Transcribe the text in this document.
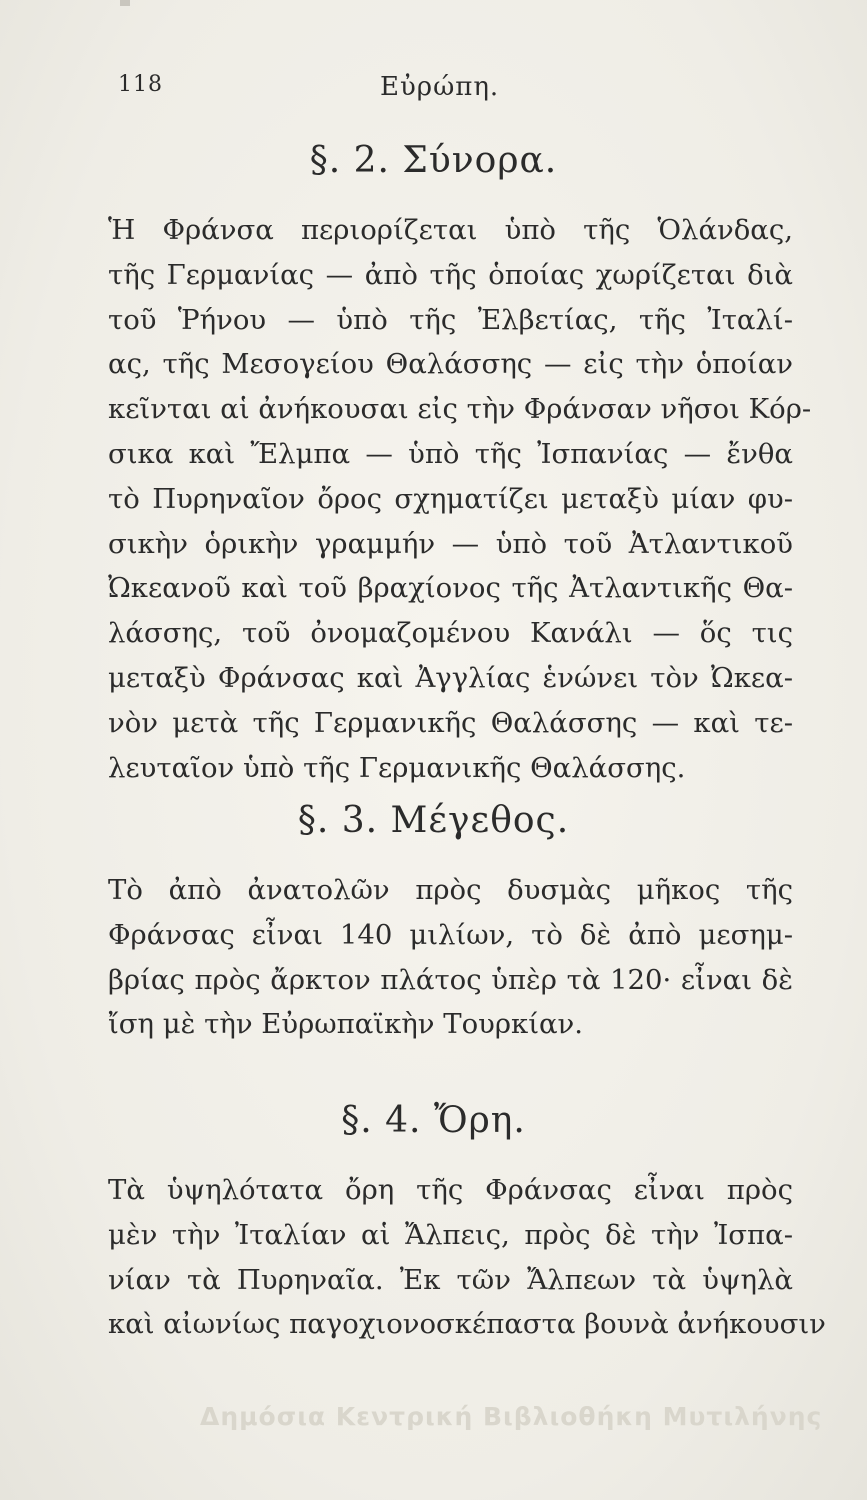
118	Εὐρώπη.
§. 2. Σύνορα.
Ἡ Φράνσα περιορίζεται ὑπὸ τῆς Ὁλάνδας,
τῆς Γερμανίας — ἀπὸ τῆς ὁποίας χωρίζεται διὰ
τοῦ Ῥήνου — ὑπὸ τῆς Ἐλβετίας, τῆς Ἰταλί-
ας, τῆς Μεσογείου Θαλάσσης — εἰς τὴν ὁποίαν
κεῖνται αἱ ἀνήκουσαι εἰς τὴν Φράνσαν νῆσοι Κόρ-
σικα καὶ Ἔλμπα — ὑπὸ τῆς Ἰσπανίας — ἔνθα
τὸ Πυρηναῖον ὄρος σχηματίζει μεταξὺ μίαν φυ-
σικὴν ὁρικὴν γραμμήν — ὑπὸ τοῦ Ἀτλαντικοῦ
Ὠκεανοῦ καὶ τοῦ βραχίονος τῆς Ἀτλαντικῆς Θα-
λάσσης, τοῦ ὀνομαζομένου Κανάλι — ὅς τις
μεταξὺ Φράνσας καὶ Ἀγγλίας ἑνώνει τὸν Ὠκεα-
νὸν μετὰ τῆς Γερμανικῆς Θαλάσσης — καὶ τε-
λευταῖον ὑπὸ τῆς Γερμανικῆς Θαλάσσης.
§. 3. Μέγεθος.
Τὸ ἀπὸ ἀνατολῶν πρὸς δυσμὰς μῆκος τῆς
Φράνσας εἶναι 140 μιλίων, τὸ δὲ ἀπὸ μεσημ-
βρίας πρὸς ἄρκτον πλάτος ὑπὲρ τὰ 120· εἶναι δὲ
ἴση μὲ τὴν Εὐρωπαϊκὴν Τουρκίαν.
§. 4. Ὄρη.
Τὰ ὑψηλότατα ὄρη τῆς Φράνσας εἶναι πρὸς
μὲν τὴν Ἰταλίαν αἱ Ἄλπεις, πρὸς δὲ τὴν Ἰσπα-
νίαν τὰ Πυρηναῖα. Ἐκ τῶν Ἄλπεων τὰ ὑψηλὰ
καὶ αἰωνίως παγοχιονοσκέπαστα βουνὰ ἀνήκουσιν
Δημόσια Κεντρική Βιβλιοθήκη Μυτιλήνης
